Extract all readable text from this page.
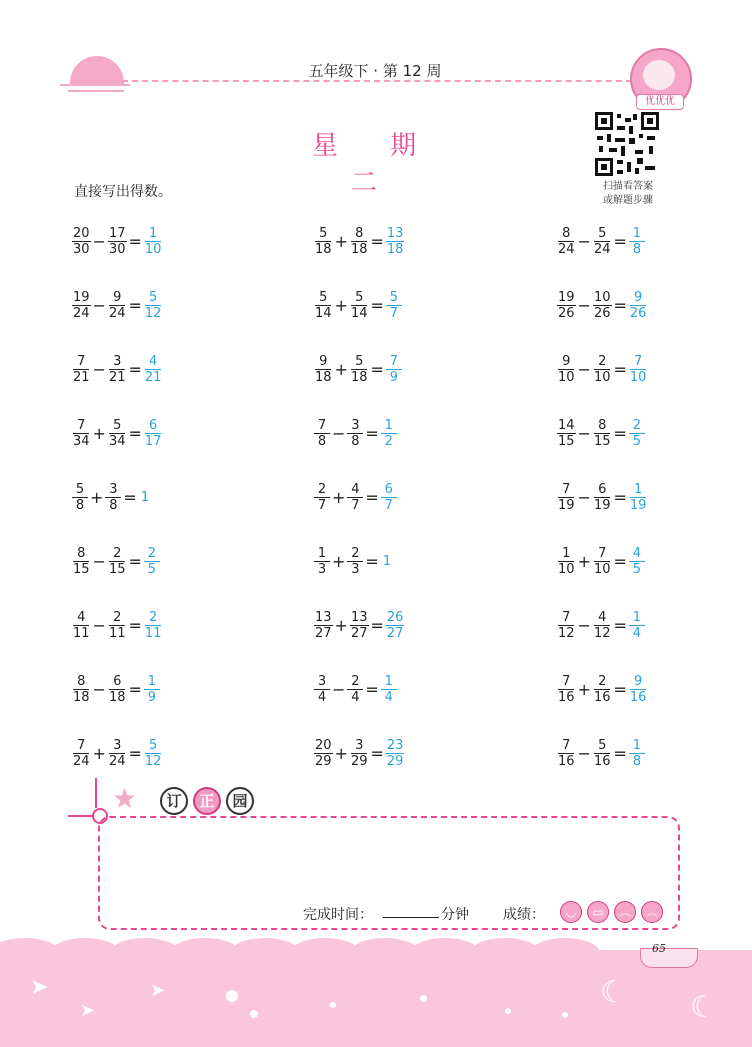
五年级下 · 第 12 周
优优优
星 期 二	扫描看答案
或解题步骤
直接写出得数。
$\frac{20}{30} - \frac{17}{30} = \frac{1}{10}$	$\frac{5}{18} + \frac{8}{18} = \frac{13}{18}$	$\frac{8}{24} - \frac{5}{24} = \frac{1}{8}$
$\frac{19}{24} - \frac{9}{24} = \frac{5}{12}$	$\frac{5}{14} + \frac{5}{14} = \frac{5}{7}$	$\frac{19}{26} - \frac{10}{26} = \frac{9}{26}$
$\frac{7}{21} - \frac{3}{21} = \frac{4}{21}$	$\frac{9}{18} + \frac{5}{18} = \frac{7}{9}$	$\frac{9}{10} - \frac{2}{10} = \frac{7}{10}$
$\frac{7}{34} + \frac{5}{34} = \frac{6}{17}$	$\frac{7}{8} - \frac{3}{8} = \frac{1}{2}$	$\frac{14}{15} - \frac{8}{15} = \frac{2}{5}$
$\frac{5}{8} + \frac{3}{8} = 1$	$\frac{2}{7} + \frac{4}{7} = \frac{6}{7}$	$\frac{7}{19} - \frac{6}{19} = \frac{1}{19}$
$\frac{8}{15} - \frac{2}{15} = \frac{2}{5}$	$\frac{1}{3} + \frac{2}{3} = 1$	$\frac{1}{10} + \frac{7}{10} = \frac{4}{5}$
$\frac{4}{11} - \frac{2}{11} = \frac{2}{11}$	$\frac{13}{27} + \frac{13}{27} = \frac{26}{27}$	$\frac{7}{12} - \frac{4}{12} = \frac{1}{4}$
$\frac{8}{18} - \frac{6}{18} = \frac{1}{9}$	$\frac{3}{4} - \frac{2}{4} = \frac{1}{4}$	$\frac{7}{16} + \frac{2}{16} = \frac{9}{16}$
$\frac{7}{24} + \frac{3}{24} = \frac{5}{12}$	$\frac{20}{29} + \frac{3}{29} = \frac{23}{29}$	$\frac{7}{16} - \frac{5}{16} = \frac{1}{8}$
★	订	正	园
完成时间：	分钟 成绩：	◡	▭	︵	︵
65
➤
➤
➤	☾ ☾
